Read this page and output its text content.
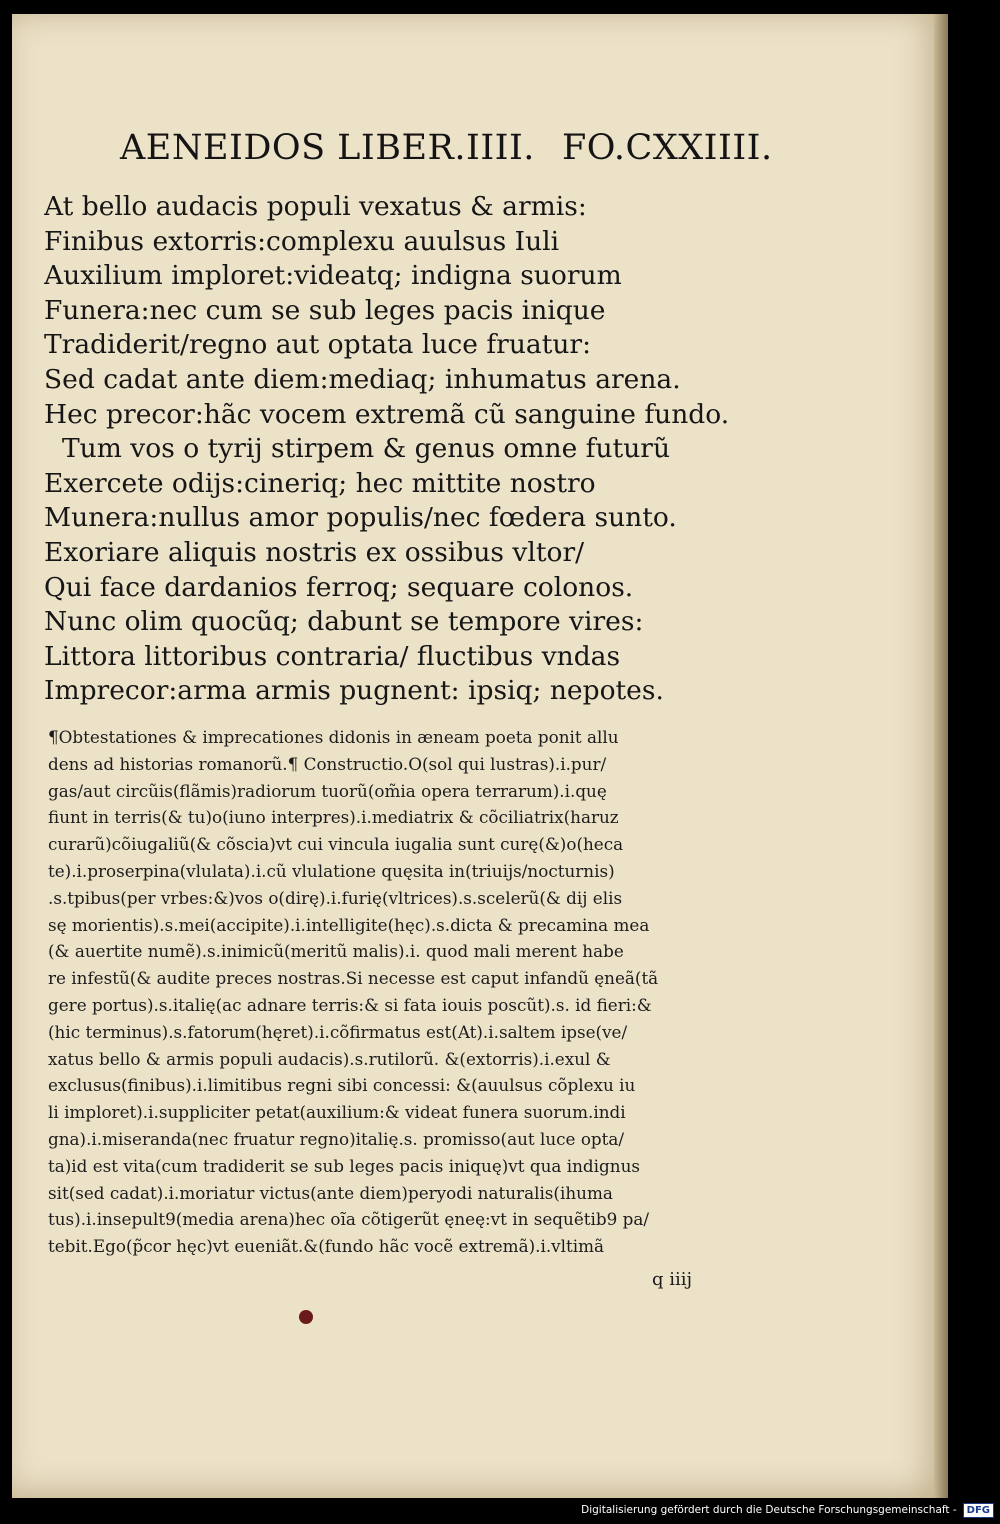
AENEIDOS LIBER.IIII. FO.CXXIIII.
At bello audacis populi vexatus & armis:
Finibus extorris:complexu auulsus Iuli
Auxilium imploret:videatq; indigna suorum
Funera:nec cum se sub leges pacis inique
Tradiderit/regno aut optata luce fruatur:
Sed cadat ante diem:mediaq; inhumatus arena.
Hec precor:hãc vocem extremã cũ sanguine fundo.
Tum vos o tyrij stirpem & genus omne futurũ
Exercete odijs:cineriq; hec mittite nostro
Munera:nullus amor populis/nec fœdera sunto.
Exoriare aliquis nostris ex ossibus vltor/
Qui face dardanios ferroq; sequare colonos.
Nunc olim quocũq; dabunt se tempore vires:
Littora littoribus contraria/ fluctibus vndas
Imprecor:arma armis pugnent: ipsiq; nepotes.
¶Obtestationes & imprecationes didonis in æneam poeta ponit allu
dens ad historias romanorũ.¶ Constructio.O(sol qui lustras).i.pur/
gas/aut circũis(flãmis)radiorum tuorũ(om̃ia opera terrarum).i.quę
fiunt in terris(& tu)o(iuno interpres).i.mediatrix & cõciliatrix(haruz
curarũ)cõiugaliũ(& cõscia)vt cui vincula iugalia sunt curę(&)o(heca
te).i.proserpina(vlulata).i.cũ vlulatione quęsita in(triuijs/nocturnis)
.s.tpibus(per vrbes:&)vos o(dirę).i.furię(vltrices).s.scelerũ(& dij elis
sę morientis).s.mei(accipite).i.intelligite(hęc).s.dicta & precamina mea
(& auertite numẽ).s.inimicũ(meritũ malis).i. quod mali merent habe
re infestũ(& audite preces nostras.Si necesse est caput infandũ ęneã(tã
gere portus).s.italię(ac adnare terris:& si fata iouis poscũt).s. id fieri:&
(hic terminus).s.fatorum(hęret).i.cõfirmatus est(At).i.saltem ipse(ve/
xatus bello & armis populi audacis).s.rutilorũ. &(extorris).i.exul &
exclusus(finibus).i.limitibus regni sibi concessi: &(auulsus cõplexu iu
li imploret).i.suppliciter petat(auxilium:& videat funera suorum.indi
gna).i.miseranda(nec fruatur regno)italię.s. promisso(aut luce opta/
ta)id est vita(cum tradiderit se sub leges pacis iniquę)vt qua indignus
sit(sed cadat).i.moriatur victus(ante diem)peryodi naturalis(ihuma
tus).i.insepult9(media arena)hec oĩa cõtigerũt ęneę:vt in sequẽtib9 pa/
tebit.Ego(p̃cor hęc)vt eueniãt.&(fundo hãc vocẽ extremã).i.vltimã
q iiij
Digitalisierung gefördert durch die Deutsche Forschungsgemeinschaft -	DFG
